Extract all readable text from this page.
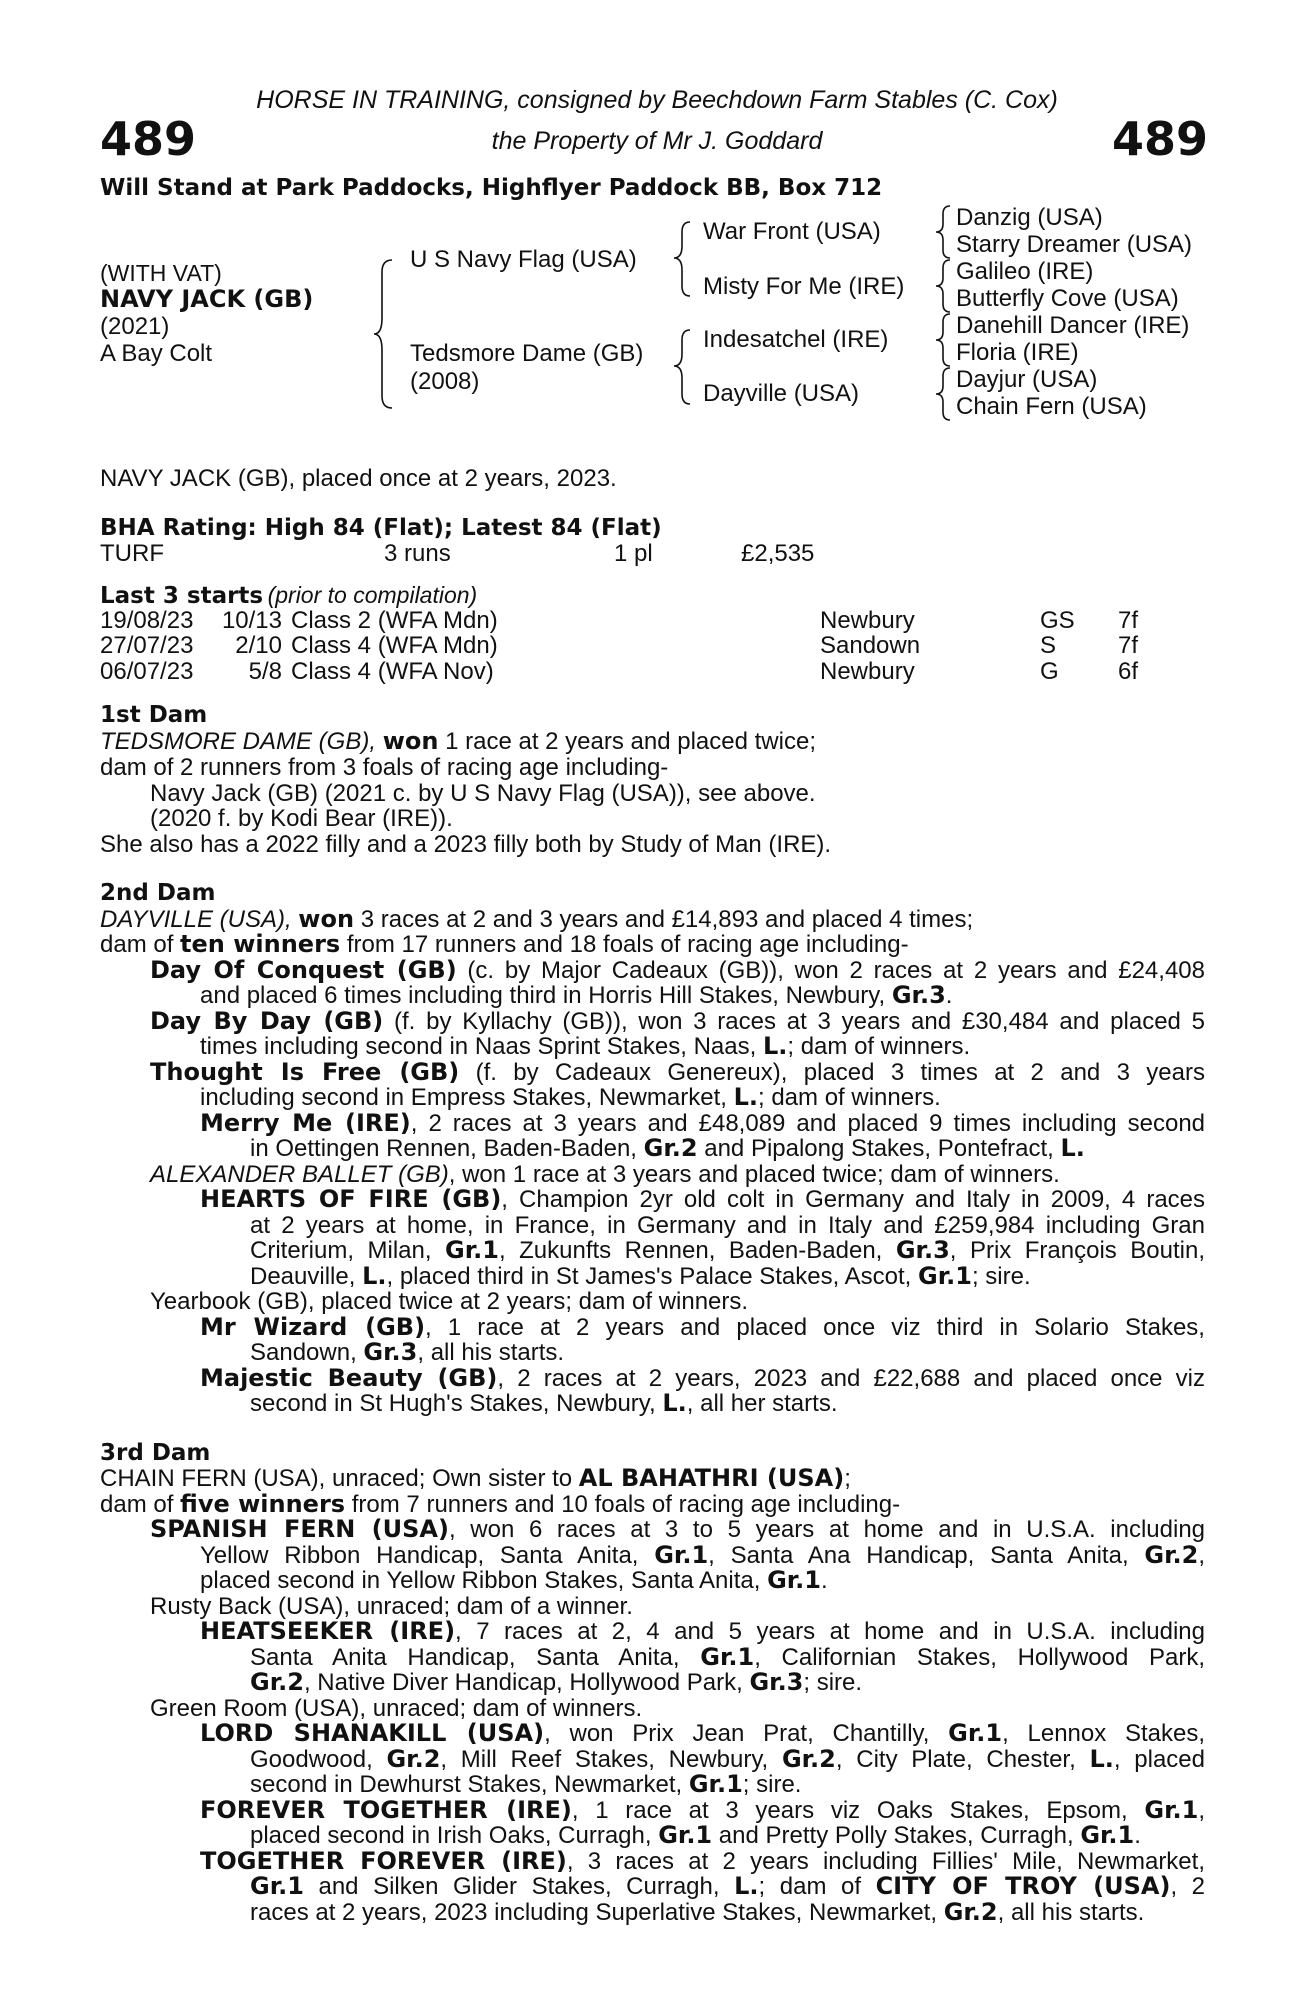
489	489
HORSE IN TRAINING, consigned by Beechdown Farm Stables (C. Cox)
the Property of Mr J. Goddard
Will Stand at Park Paddocks, Highflyer Paddock BB, Box 712
(WITH VAT)
NAVY JACK (GB)
(2021)
A Bay Colt
U S Navy Flag (USA)
Tedsmore Dame (GB)
(2008)
War Front (USA)
Misty For Me (IRE)
Indesatchel (IRE)
Dayville (USA)
Danzig (USA)
Starry Dreamer (USA)
Galileo (IRE)
Butterfly Cove (USA)
Danehill Dancer (IRE)
Floria (IRE)
Dayjur (USA)
Chain Fern (USA)
NAVY JACK (GB), placed once at 2 years, 2023.
BHA Rating: High 84 (Flat); Latest 84 (Flat)
TURF	3 runs	1 pl	£2,535
Last 3 starts (prior to compilation)
19/08/23	10/13 Class 2 (WFA Mdn)	Newbury	GS 7f
27/07/23	2/10 Class 4 (WFA Mdn)	Sandown	S	7f
06/07/23	5/8 Class 4 (WFA Nov)	Newbury	G 6f
1st Dam
TEDSMORE DAME (GB), won 1 race at 2 years and placed twice;
dam of 2 runners from 3 foals of racing age including-
Navy Jack (GB) (2021 c. by U S Navy Flag (USA)), see above.
(2020 f. by Kodi Bear (IRE)).
She also has a 2022 filly and a 2023 filly both by Study of Man (IRE).
2nd Dam
DAYVILLE (USA), won 3 races at 2 and 3 years and £14,893 and placed 4 times;
dam of ten winners from 17 runners and 18 foals of racing age including-
Day Of Conquest (GB) (c. by Major Cadeaux (GB)), won 2 races at 2 years and £24,408
and placed 6 times including third in Horris Hill Stakes, Newbury, Gr.3.
Day By Day (GB) (f. by Kyllachy (GB)), won 3 races at 3 years and £30,484 and placed 5
times including second in Naas Sprint Stakes, Naas, L.; dam of winners.
Thought Is Free (GB) (f. by Cadeaux Genereux), placed 3 times at 2 and 3 years
including second in Empress Stakes, Newmarket, L.; dam of winners.
Merry Me (IRE), 2 races at 3 years and £48,089 and placed 9 times including second
in Oettingen Rennen, Baden-Baden, Gr.2 and Pipalong Stakes, Pontefract, L.
ALEXANDER BALLET (GB), won 1 race at 3 years and placed twice; dam of winners.
HEARTS OF FIRE (GB), Champion 2yr old colt in Germany and Italy in 2009, 4 races
at 2 years at home, in France, in Germany and in Italy and £259,984 including Gran
Criterium, Milan, Gr.1, Zukunfts Rennen, Baden-Baden, Gr.3, Prix François Boutin,
Deauville, L., placed third in St James's Palace Stakes, Ascot, Gr.1; sire.
Yearbook (GB), placed twice at 2 years; dam of winners.
Mr Wizard (GB), 1 race at 2 years and placed once viz third in Solario Stakes,
Sandown, Gr.3, all his starts.
Majestic Beauty (GB), 2 races at 2 years, 2023 and £22,688 and placed once viz
second in St Hugh's Stakes, Newbury, L., all her starts.
3rd Dam
CHAIN FERN (USA), unraced; Own sister to AL BAHATHRI (USA);
dam of five winners from 7 runners and 10 foals of racing age including-
SPANISH FERN (USA), won 6 races at 3 to 5 years at home and in U.S.A. including
Yellow Ribbon Handicap, Santa Anita, Gr.1, Santa Ana Handicap, Santa Anita, Gr.2,
placed second in Yellow Ribbon Stakes, Santa Anita, Gr.1.
Rusty Back (USA), unraced; dam of a winner.
HEATSEEKER (IRE), 7 races at 2, 4 and 5 years at home and in U.S.A. including
Santa Anita Handicap, Santa Anita, Gr.1, Californian Stakes, Hollywood Park,
Gr.2, Native Diver Handicap, Hollywood Park, Gr.3; sire.
Green Room (USA), unraced; dam of winners.
LORD SHANAKILL (USA), won Prix Jean Prat, Chantilly, Gr.1, Lennox Stakes,
Goodwood, Gr.2, Mill Reef Stakes, Newbury, Gr.2, City Plate, Chester, L., placed
second in Dewhurst Stakes, Newmarket, Gr.1; sire.
FOREVER TOGETHER (IRE), 1 race at 3 years viz Oaks Stakes, Epsom, Gr.1,
placed second in Irish Oaks, Curragh, Gr.1 and Pretty Polly Stakes, Curragh, Gr.1.
TOGETHER FOREVER (IRE), 3 races at 2 years including Fillies' Mile, Newmarket,
Gr.1 and Silken Glider Stakes, Curragh, L.; dam of CITY OF TROY (USA), 2
races at 2 years, 2023 including Superlative Stakes, Newmarket, Gr.2, all his starts.
